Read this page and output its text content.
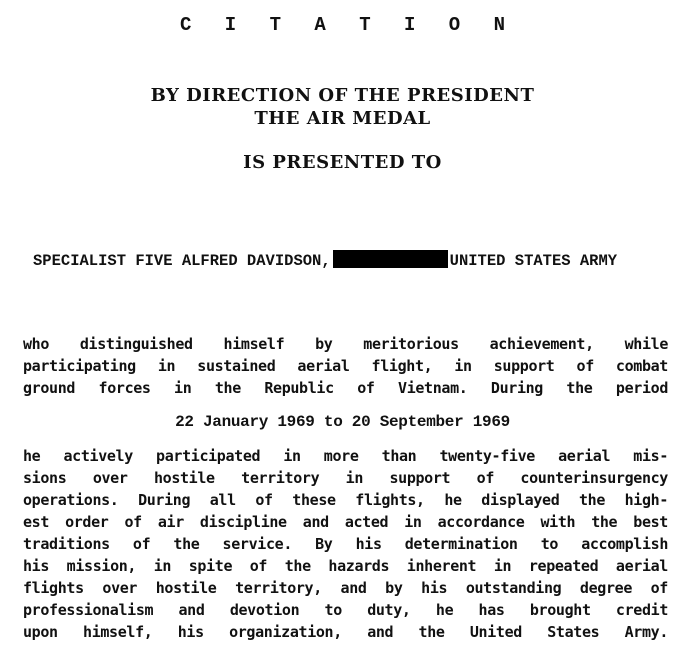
C I T A T I O N
BY DIRECTION OF THE PRESIDENT
THE AIR MEDAL
IS PRESENTED TO
SPECIALIST FIVE ALFRED DAVIDSON,	UNITED STATES ARMY

who distinguished himself by meritorious achievement, while
participating in sustained aerial flight, in support of combat
ground forces in the Republic of Vietnam. During the period

22 January 1969 to 20 September 1969

he actively participated in more than twenty-five aerial mis-
sions over hostile territory in support of counterinsurgency
operations. During all of these flights, he displayed the high-
est order of air discipline and acted in accordance with the best
traditions of the service. By his determination to accomplish
his mission, in spite of the hazards inherent in repeated aerial
flights over hostile territory, and by his outstanding degree of
professionalism and devotion to duty, he has brought credit
upon himself, his organization, and the United States Army.
